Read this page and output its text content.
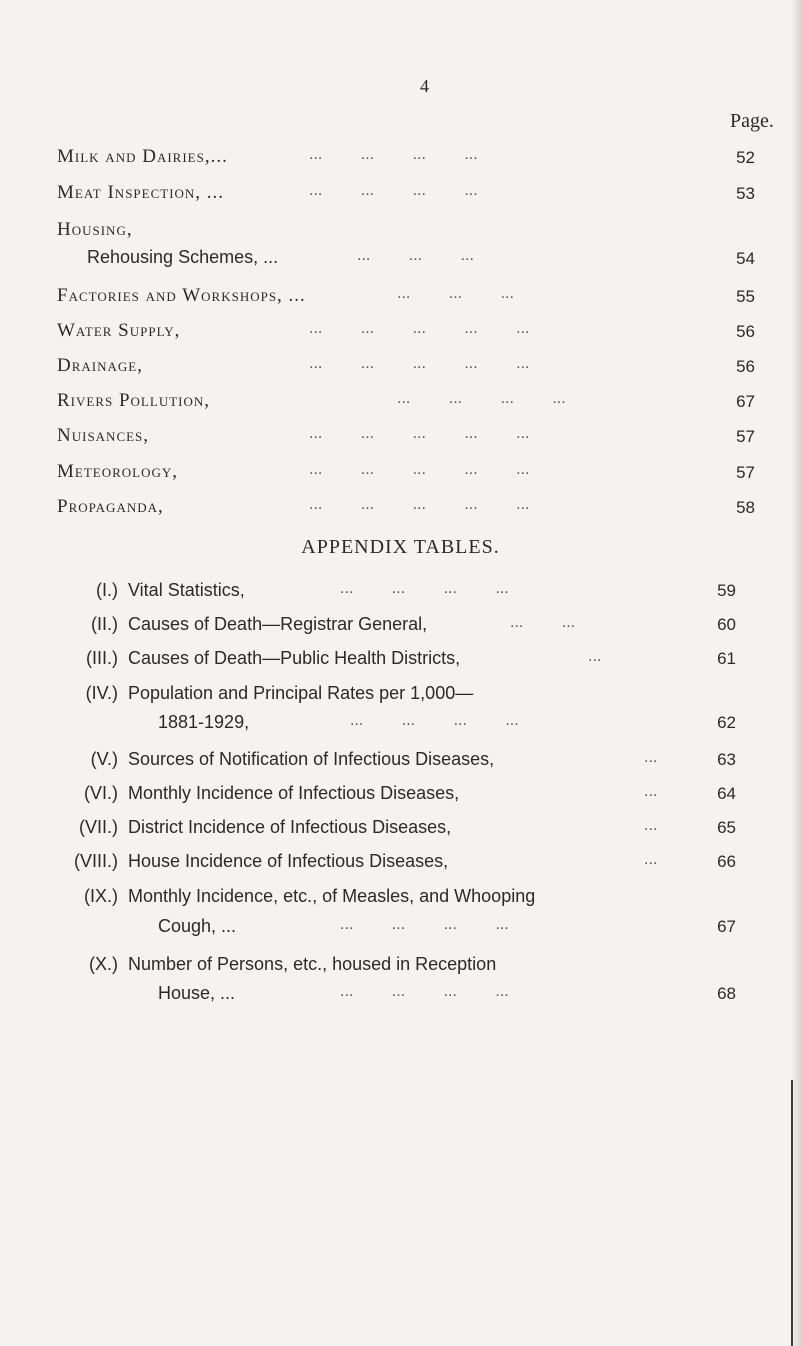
4
Page.
Milk and Dairies,...	... ... ... ...	52
Meat Inspection, ...	... ... ... ...	53
Housing,
Rehousing Schemes, ...	... ... ...	54
Factories and Workshops, ...	... ... ...	55
Water Supply,	... ... ... ... ...	56
Drainage,	... ... ... ... ...	56
Rivers Pollution,	... ... ... ...	67
Nuisances,	... ... ... ... ...	57
Meteorology,	... ... ... ... ...	57
Propaganda,	... ... ... ... ...	58
APPENDIX TABLES.
(I.) Vital Statistics,	... ... ... ...	59
(II.) Causes of Death—Registrar General,	... ...	60
(III.) Causes of Death—Public Health Districts,	...	61
(IV.) Population and Principal Rates per 1,000—
1881-1929,	... ... ... ...	62
(V.) Sources of Notification of Infectious Diseases,	...	63
(VI.) Monthly Incidence of Infectious Diseases,	...	64
(VII.) District Incidence of Infectious Diseases,	...	65
(VIII.) House Incidence of Infectious Diseases,	...	66
(IX.) Monthly Incidence, etc., of Measles, and Whooping
Cough, ...	... ... ... ...	67
(X.) Number of Persons, etc., housed in Reception
House, ...	... ... ... ...	68
